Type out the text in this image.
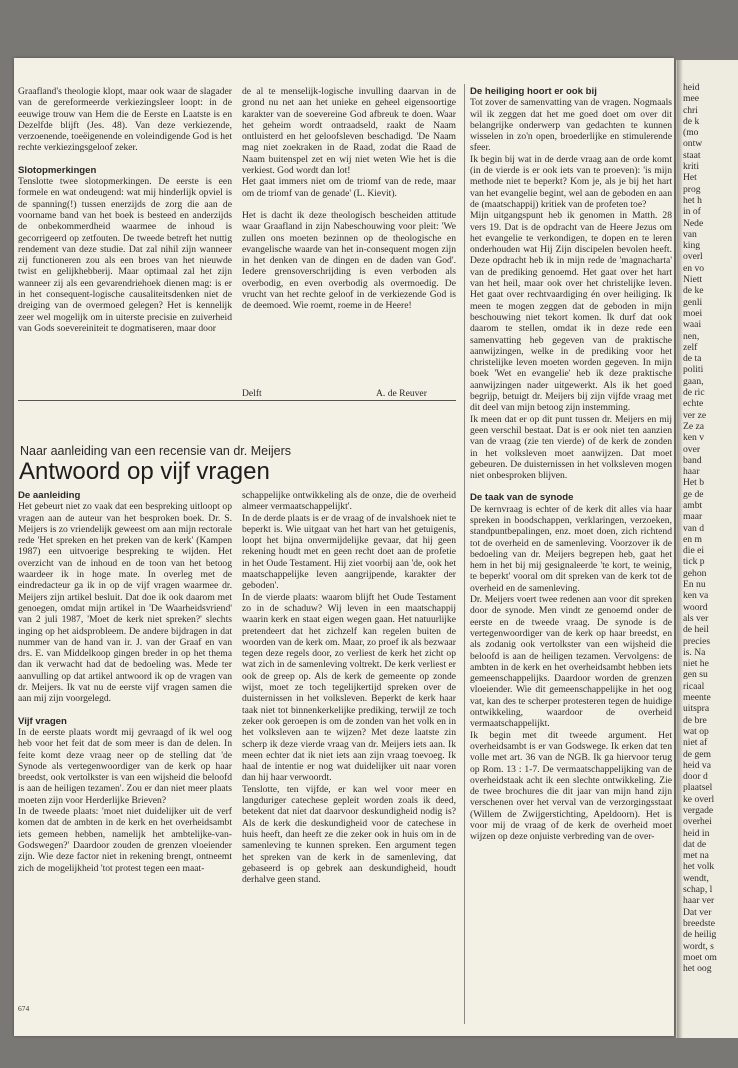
Graafland's theologie klopt, maar ook waar de slagader van de gereformeerde verkiezingsleer loopt: in de eeuwige trouw van Hem die de Eerste en Laatste is en Dezelfde blijft (Jes. 48). Van deze verkiezende, verzoenende, toeëigenende en voleindigende God is het rechte verkiezingsgeloof zeker.

Slotopmerkingen

Tenslotte twee slotopmerkingen. De eerste is een formele en wat ondeugend: wat mij hinderlijk opviel is de spanning(!) tussen enerzijds de zorg die aan de voorname band van het boek is besteed en anderzijds de onbekommerdheid waarmee de inhoud is gecorrigeerd op zetfouten. De tweede betreft het nuttig rendement van deze studie. Dat zal nihil zijn wanneer zij functioneren zou als een broes van het nieuwde twist en gelijkhebberij. Maar optimaal zal het zijn wanneer zij als een gevarendriehoek dienen mag: is er in het consequent-logische causaliteitsdenken niet de dreiging van de overmoed gelegen? Het is kennelijk zeer wel mogelijk om in uiterste precisie en zuiverheid van Gods soevereiniteit te dogmatiseren, maar door

de al te menselijk-logische invulling daarvan in de grond nu net aan het unieke en geheel eigensoortige karakter van de soevereine God afbreuk te doen. Waar het geheim wordt ontraadseld, raakt de Naam ontluisterd en het geloofsleven beschadigd. 'De Naam mag niet zoekraken in de Raad, zodat die Raad de Naam buitenspel zet en wij niet weten Wie het is die verkiest. God wordt dan lot!

Het gaat immers niet om de triomf van de rede, maar om de triomf van de genade' (L. Kievit).

Het is dacht ik deze theologisch bescheiden attitude waar Graafland in zijn Nabeschouwing voor pleit: 'We zullen ons moeten bezinnen op de theologische en evangelische waarde van het in-consequent mogen zijn in het denken van de dingen en de daden van God'. Iedere grensoverschrijding is even verboden als overbodig, en even overbodig als overmoedig. De vrucht van het rechte geloof in de verkiezende God is de deemoed. Wie roemt, roeme in de Heere!

Delft	A. de Reuver
Naar aanleiding van een recensie van dr. Meijers
Antwoord op vijf vragen
De aanleiding

Het gebeurt niet zo vaak dat een bespreking uitloopt op vragen aan de auteur van het besproken boek. Dr. S. Meijers is zo vriendelijk geweest om aan mijn rectorale rede 'Het spreken en het preken van de kerk' (Kampen 1987) een uitvoerige bespreking te wijden. Het overzicht van de inhoud en de toon van het betoog waardeer ik in hoge mate. In overleg met de eindredacteur ga ik in op de vijf vragen waarmee dr. Meijers zijn artikel besluit. Dat doe ik ook daarom met genoegen, omdat mijn artikel in 'De Waarheidsvriend' van 2 juli 1987, 'Moet de kerk niet spreken?' slechts inging op het aidsprobleem. De andere bijdragen in dat nummer van de hand van ir. J. van der Graaf en van drs. E. van Middelkoop gingen breder in op het thema dan ik verwacht had dat de bedoeling was. Mede ter aanvulling op dat artikel antwoord ik op de vragen van dr. Meijers. Ik vat nu de eerste vijf vragen samen die aan mij zijn voorgelegd.

Vijf vragen

In de eerste plaats wordt mij gevraagd of ik wel oog heb voor het feit dat de som meer is dan de delen. In feite komt deze vraag neer op de stelling dat 'de Synode als vertegenwoordiger van de kerk op haar breedst, ook vertolkster is van een wijsheid die beloofd is aan de heiligen tezamen'. Zou er dan niet meer plaats moeten zijn voor Herderlijke Brieven?

In de tweede plaats: 'moet niet duidelijker uit de verf komen dat de ambten in de kerk en het overheidsambt iets gemeen hebben, namelijk het ambtelijke-van-Godswegen?' Daardoor zouden de grenzen vloeiender zijn. Wie deze factor niet in rekening brengt, ontneemt zich de mogelijkheid 'tot protest tegen een maat-

schappelijke ontwikkeling als de onze, die de overheid almeer vermaatschappelijkt'.

In de derde plaats is er de vraag of de invalshoek niet te beperkt is. Wie uitgaat van het hart van het getuigenis, loopt het bijna onvermijdelijke gevaar, dat hij geen rekening houdt met en geen recht doet aan de profetie in het Oude Testament. Hij ziet voorbij aan 'de, ook het maatschappelijke leven aangrijpende, karakter der geboden'.

In de vierde plaats: waarom blijft het Oude Testament zo in de schaduw? Wij leven in een maatschappij waarin kerk en staat eigen wegen gaan. Het natuurlijke pretendeert dat het zichzelf kan regelen buiten de woorden van de kerk om. Maar, zo proef ik als bezwaar tegen deze regels door, zo verliest de kerk het zicht op wat zich in de samenleving voltrekt. De kerk verliest er ook de greep op. Als de kerk de gemeente op zonde wijst, moet ze toch tegelijkertijd spreken over de duisternissen in het volksleven. Beperkt de kerk haar taak niet tot binnenkerkelijke prediking, terwijl ze toch zeker ook geroepen is om de zonden van het volk en in het volksleven aan te wijzen? Met deze laatste zin scherp ik deze vierde vraag van dr. Meijers iets aan. Ik meen echter dat ik niet iets aan zijn vraag toevoeg. Ik haal de intentie er nog wat duidelijker uit naar voren dan hij haar verwoordt.

Tenslotte, ten vijfde, er kan wel voor meer en langduriger catechese gepleit worden zoals ik deed, betekent dat niet dat daarvoor deskundigheid nodig is? Als de kerk die deskundigheid voor de catechese in huis heeft, dan heeft ze die zeker ook in huis om in de samenleving te kunnen spreken. Een argument tegen het spreken van de kerk in de samenleving, dat gebaseerd is op gebrek aan deskundigheid, houdt derhalve geen stand.

De heiliging hoort er ook bij

Tot zover de samenvatting van de vragen. Nogmaals wil ik zeggen dat het me goed doet om over dit belangrijke onderwerp van gedachten te kunnen wisselen in zo'n open, broederlijke en stimulerende sfeer.

Ik begin bij wat in de derde vraag aan de orde komt (in de vierde is er ook iets van te proeven): 'is mijn methode niet te beperkt? Kom je, als je bij het hart van het evangelie begint, wel aan de geboden en aan de (maatschappij) kritiek van de profeten toe?

Mijn uitgangspunt heb ik genomen in Matth. 28 vers 19. Dat is de opdracht van de Heere Jezus om het evangelie te verkondigen, te dopen en te leren onderhouden wat Hij Zijn discipelen bevolen heeft. Deze opdracht heb ik in mijn rede de 'magnacharta' van de prediking genoemd. Het gaat over het hart van het heil, maar ook over het christelijke leven. Het gaat over rechtvaardiging én over heiliging. Ik meen te mogen zeggen dat de geboden in mijn beschouwing niet tekort komen. Ik durf dat ook daarom te stellen, omdat ik in deze rede een samenvatting heb gegeven van de praktische aanwijzingen, welke in de prediking voor het christelijke leven moeten worden gegeven. In mijn boek 'Wet en evangelie' heb ik deze praktische aanwijzingen nader uitgewerkt. Als ik het goed begrijp, betuigt dr. Meijers bij zijn vijfde vraag met dit deel van mijn betoog zijn instemming.

Ik meen dat er op dit punt tussen dr. Meijers en mij geen verschil bestaat. Dat is er ook niet ten aanzien van de vraag (zie ten vierde) of de kerk de zonden in het volksleven moet aanwijzen. Dat moet gebeuren. De duisternissen in het volksleven mogen niet onbesproken blijven.

De taak van de synode

De kernvraag is echter of de kerk dit alles via haar spreken in boodschappen, verklaringen, verzoeken, standpuntbepalingen, enz. moet doen, zich richtend tot de overheid en de samenleving. Voorzover ik de bedoeling van dr. Meijers begrepen heb, gaat het hem in het bij mij gesignaleerde 'te kort, te weinig, te beperkt' vooral om dit spreken van de kerk tot de overheid en de samenleving.

Dr. Meijers voert twee redenen aan voor dit spreken door de synode. Men vindt ze genoemd onder de eerste en de tweede vraag. De synode is de vertegenwoordiger van de kerk op haar breedst, en als zodanig ook vertolkster van een wijsheid die beloofd is aan de heiligen tezamen. Vervolgens: de ambten in de kerk en het overheidsambt hebben iets gemeenschappelijks. Daardoor worden de grenzen vloeiender. Wie dit gemeenschappelijke in het oog vat, kan des te scherper protesteren tegen de huidige ontwikkeling, waardoor de overheid vermaatschappelijkt.

Ik begin met dit tweede argument. Het overheidsambt is er van Godswege. Ik erken dat ten volle met art. 36 van de NGB. Ik ga hiervoor terug op Rom. 13 : 1-7. De vermaatschappelijking van de overheidstaak acht ik een slechte ontwikkeling. Zie de twee brochures die dit jaar van mijn hand zijn verschenen over het verval van de verzorgingsstaat (Willem de Zwijgerstichting, Apeldoorn). Het is voor mij de vraag of de kerk de overheid moet wijzen op deze onjuiste verbreding van de over-

674
heid
mee
chri
de k
(mo
ontw
staat
kriti
Het
prog
het h
in of
Nede
van
king
overl
en vo
Niett
de ke
genli
moei
waai
nen,
zelf
de ta
politi
gaan,
de ric
echte
ver ze
Ze za
ken v
over
band
haar
Het b
ge de
ambt
maar
van d
en m
die ei
tick p
gehon
En nu
ken va
woord
als ver
de heil
precies
is. Na
niet he
gen su
ricaal
meente
uitspra
de bre
wat op
niet af
de gem
heid va
door d
plaatsel
ke overl
vergade
overhei
heid in
dat de
met na
het volk
wendt,
schap, l
haar ver
Dat ver
breedste
de heilig
wordt, s
moet om
het oog
